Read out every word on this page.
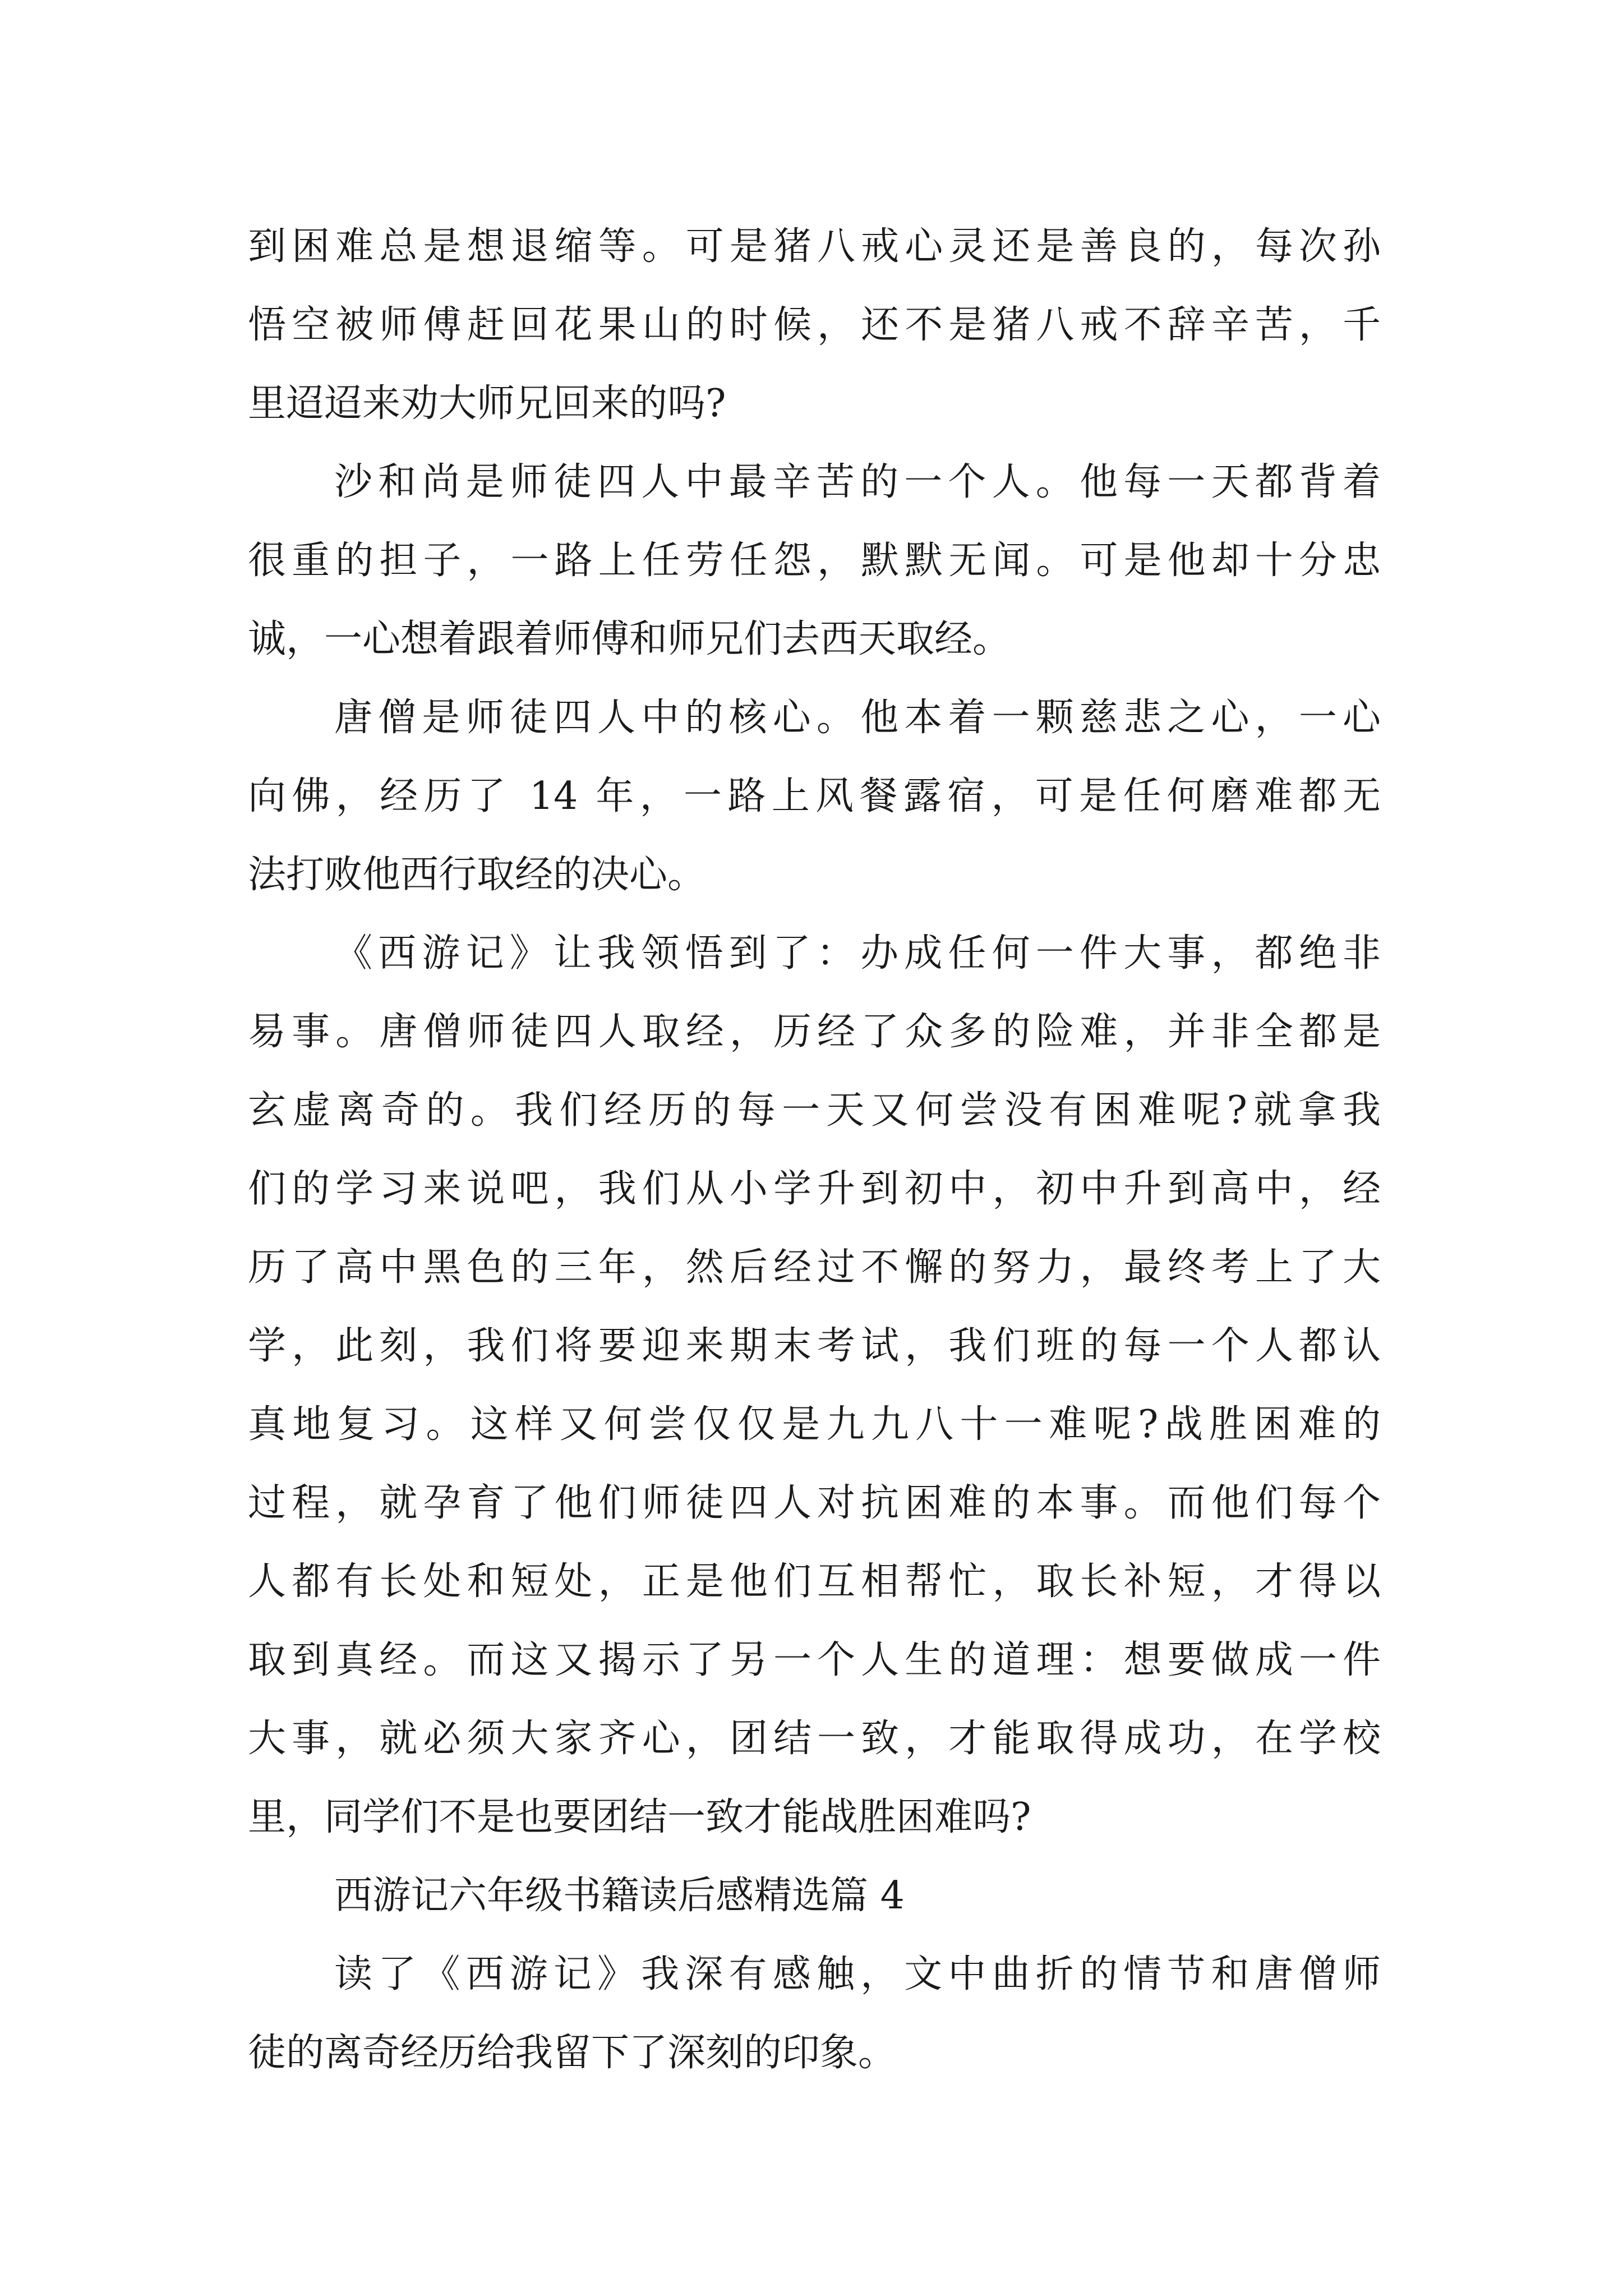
到困难总是想退缩等。可是猪八戒心灵还是善良的，每次孙
悟空被师傅赶回花果山的时候，还不是猪八戒不辞辛苦，千
里迢迢来劝大师兄回来的吗?
沙和尚是师徒四人中最辛苦的一个人。他每一天都背着
很重的担子，一路上任劳任怨，默默无闻。可是他却十分忠
诚，一心想着跟着师傅和师兄们去西天取经。
唐僧是师徒四人中的核心。他本着一颗慈悲之心，一心
向佛，经历了 14 年，一路上风餐露宿，可是任何磨难都无
法打败他西行取经的决心。
《西游记》让我领悟到了：办成任何一件大事，都绝非
易事。唐僧师徒四人取经，历经了众多的险难，并非全都是
玄虚离奇的。我们经历的每一天又何尝没有困难呢?就拿我
们的学习来说吧，我们从小学升到初中，初中升到高中，经
历了高中黑色的三年，然后经过不懈的努力，最终考上了大
学，此刻，我们将要迎来期末考试，我们班的每一个人都认
真地复习。这样又何尝仅仅是九九八十一难呢?战胜困难的
过程，就孕育了他们师徒四人对抗困难的本事。而他们每个
人都有长处和短处，正是他们互相帮忙，取长补短，才得以
取到真经。而这又揭示了另一个人生的道理：想要做成一件
大事，就必须大家齐心，团结一致，才能取得成功，在学校
里，同学们不是也要团结一致才能战胜困难吗?
西游记六年级书籍读后感精选篇 4
读了《西游记》我深有感触，文中曲折的情节和唐僧师
徒的离奇经历给我留下了深刻的印象。
